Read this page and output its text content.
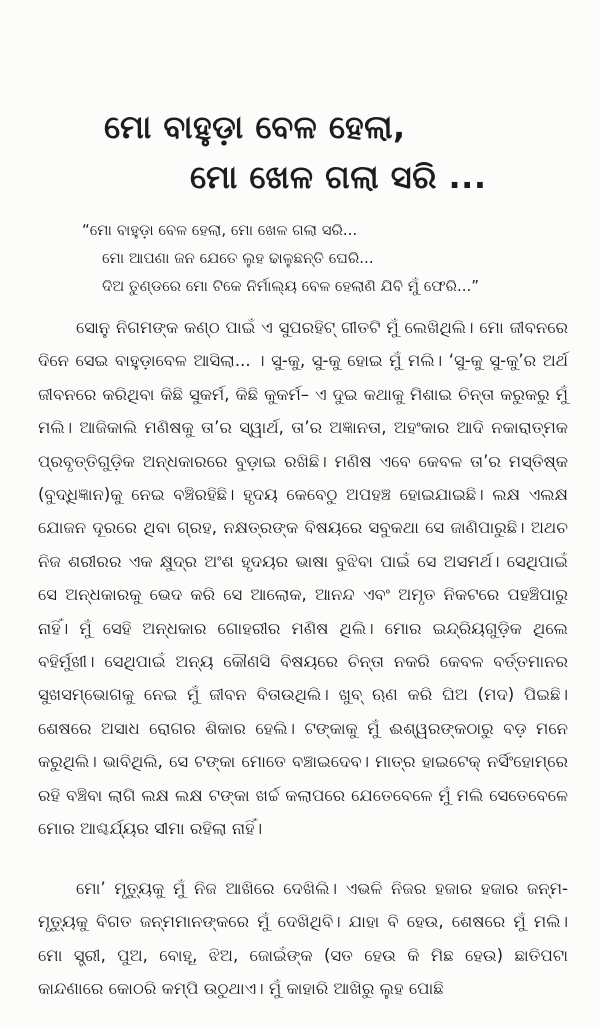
ମୋ ବାହୁଡ଼ା ବେଳ ହେଲା,
ମୋ ଖେଳ ଗଲା ସରି ...
“ମୋ ବାହୁଡ଼ା ବେଳ ହେଲା, ମୋ ଖେଳ ଗଲା ସରି...
ମୋ ଆପଣା ଜନ ଯେତେ ଲୁହ ଢାଳୁଛନ୍ତି ଘେରି...
ଦିଅ ତୁଣ୍ଡରେ ମୋ ଟିକେ ନିର୍ମାଲ୍ୟ ବେଳ ହେଲାଣି ଯିବି ମୁଁ ଫେରି...”

ସୋନୁ ନିଗମଙ୍କ କଣ୍ଠ ପାଇଁ ଏ ସୁପରହିଟ୍ ଗୀତଟି ମୁଁ ଲେଖିଥିଲି। ମୋ ଜୀବନରେ ଦିନେ ସେଇ ବାହୁଡ଼ାବେଳ ଆସିଲା... । ସୁ-କୁ, ସୁ-କୁ ହୋଇ ମୁଁ ମଲି। ‘ସୁ-କୁ ସୁ-କୁ’ର ଅର୍ଥ ଜୀବନରେ କରିଥିବା କିଛି ସୁକର୍ମ, କିଛି କୁକର୍ମ– ଏ ଦୁଇ କଥାକୁ ମିଶାଇ ଚିନ୍ତା କରୁକରୁ ମୁଁ ମଲି। ଆଜିକାଲି ମଣିଷକୁ ତା’ର ସ୍ୱାର୍ଥ, ତା’ର ଅଜ୍ଞାନତା, ଅହଂକାର ଆଦି ନକାରାତ୍ମକ ପ୍ରବୃତ୍ତିଗୁଡ଼ିକ ଅନ୍ଧକାରରେ ବୁଡ଼ାଇ ରଖିଛି। ମଣିଷ ଏବେ କେବଳ ତା’ର ମସ୍ତିଷ୍କ (ବୁଦ୍ଧିଜ୍ଞାନ)କୁ ନେଇ ବଞ୍ଚିରହିଛି। ହୃଦୟ କେବେଠୁ ଅପହଞ୍ଚ ହୋଇଯାଇଛି। ଲକ୍ଷ ଏଲକ୍ଷ ଯୋଜନ ଦୂରରେ ଥିବା ଗ୍ରହ, ନକ୍ଷତ୍ରଙ୍କ ବିଷୟରେ ସବୁକଥା ସେ ଜାଣିପାରୁଛି। ଅଥଚ ନିଜ ଶରୀରର ଏକ କ୍ଷୁଦ୍ର ଅଂଶ ହୃଦୟର ଭାଷା ବୁଝିବା ପାଇଁ ସେ ଅସମର୍ଥ। ସେଥିପାଇଁ ସେ ଅନ୍ଧକାରକୁ ଭେଦ କରି ସେ ଆଲୋକ, ଆନନ୍ଦ ଏବଂ ଅମୃତ ନିକଟରେ ପହଞ୍ଚିପାରୁ ନାହିଁ। ମୁଁ ସେହି ଅନ୍ଧକାର ଗୋହରୀର ମଣିଷ ଥିଲି। ମୋର ଇନ୍ଦ୍ରିୟଗୁଡ଼ିକ ଥିଲେ ବହିର୍ମୁଖୀ। ସେଥିପାଇଁ ଅନ୍ୟ କୌଣସି ବିଷୟରେ ଚିନ୍ତା ନକରି କେବଳ ବର୍ତ୍ତମାନର ସୁଖସମ୍ଭୋଗକୁ ନେଇ ମୁଁ ଜୀବନ ବିତାଉଥିଲି। ଖୁବ୍ ଋଣ କରି ଘିଅ (ମଦ) ପିଇଛି। ଶେଷରେ ଅସାଧ ରୋଗର ଶିକାର ହେଲି। ଟଙ୍କାକୁ ମୁଁ ଈଶ୍ୱରଙ୍କଠାରୁ ବଡ଼ ମନେ କରୁଥିଲି। ଭାବିଥିଲି, ସେ ଟଙ୍କା ମୋତେ ବଞ୍ଚାଇଦେବ। ମାତ୍ର ହାଇଟେକ୍ ନର୍ସିଂହୋମ୍‌ରେ ରହି ବଞ୍ଚିବା ଲାଗି ଲକ୍ଷ ଲକ୍ଷ ଟଙ୍କା ଖର୍ଚ୍ଚ କଲାପରେ ଯେତେବେଳେ ମୁଁ ମଲି ସେତେବେଳେ ମୋର ଆଶ୍ଚର୍ଯ୍ୟର ସୀମା ରହିଲା ନାହିଁ।

ମୋ’ ମୃତ୍ୟୁକୁ ମୁଁ ନିଜ ଆଖିରେ ଦେଖିଲି। ଏଭଳି ନିଜର ହଜାର ହଜାର ଜନ୍ମ-ମୃତ୍ୟୁକୁ ବିଗତ ଜନ୍ମମାନଙ୍କରେ ମୁଁ ଦେଖିଥିବି। ଯାହା ବି ହେଉ, ଶେଷରେ ମୁଁ ମଲି। ମୋ ସ୍ତ୍ରୀ, ପୁଅ, ବୋହୂ, ଝିଅ, ଜୋଇଁଙ୍କ (ସତ ହେଉ କି ମିଛ ହେଉ) ଛାତିପଟା କାନ୍ଦଣାରେ କୋଠରି କମ୍ପି ଉଠୁଥାଏ। ମୁଁ କାହାରି ଆଖିରୁ ଲୁହ ପୋଛି
